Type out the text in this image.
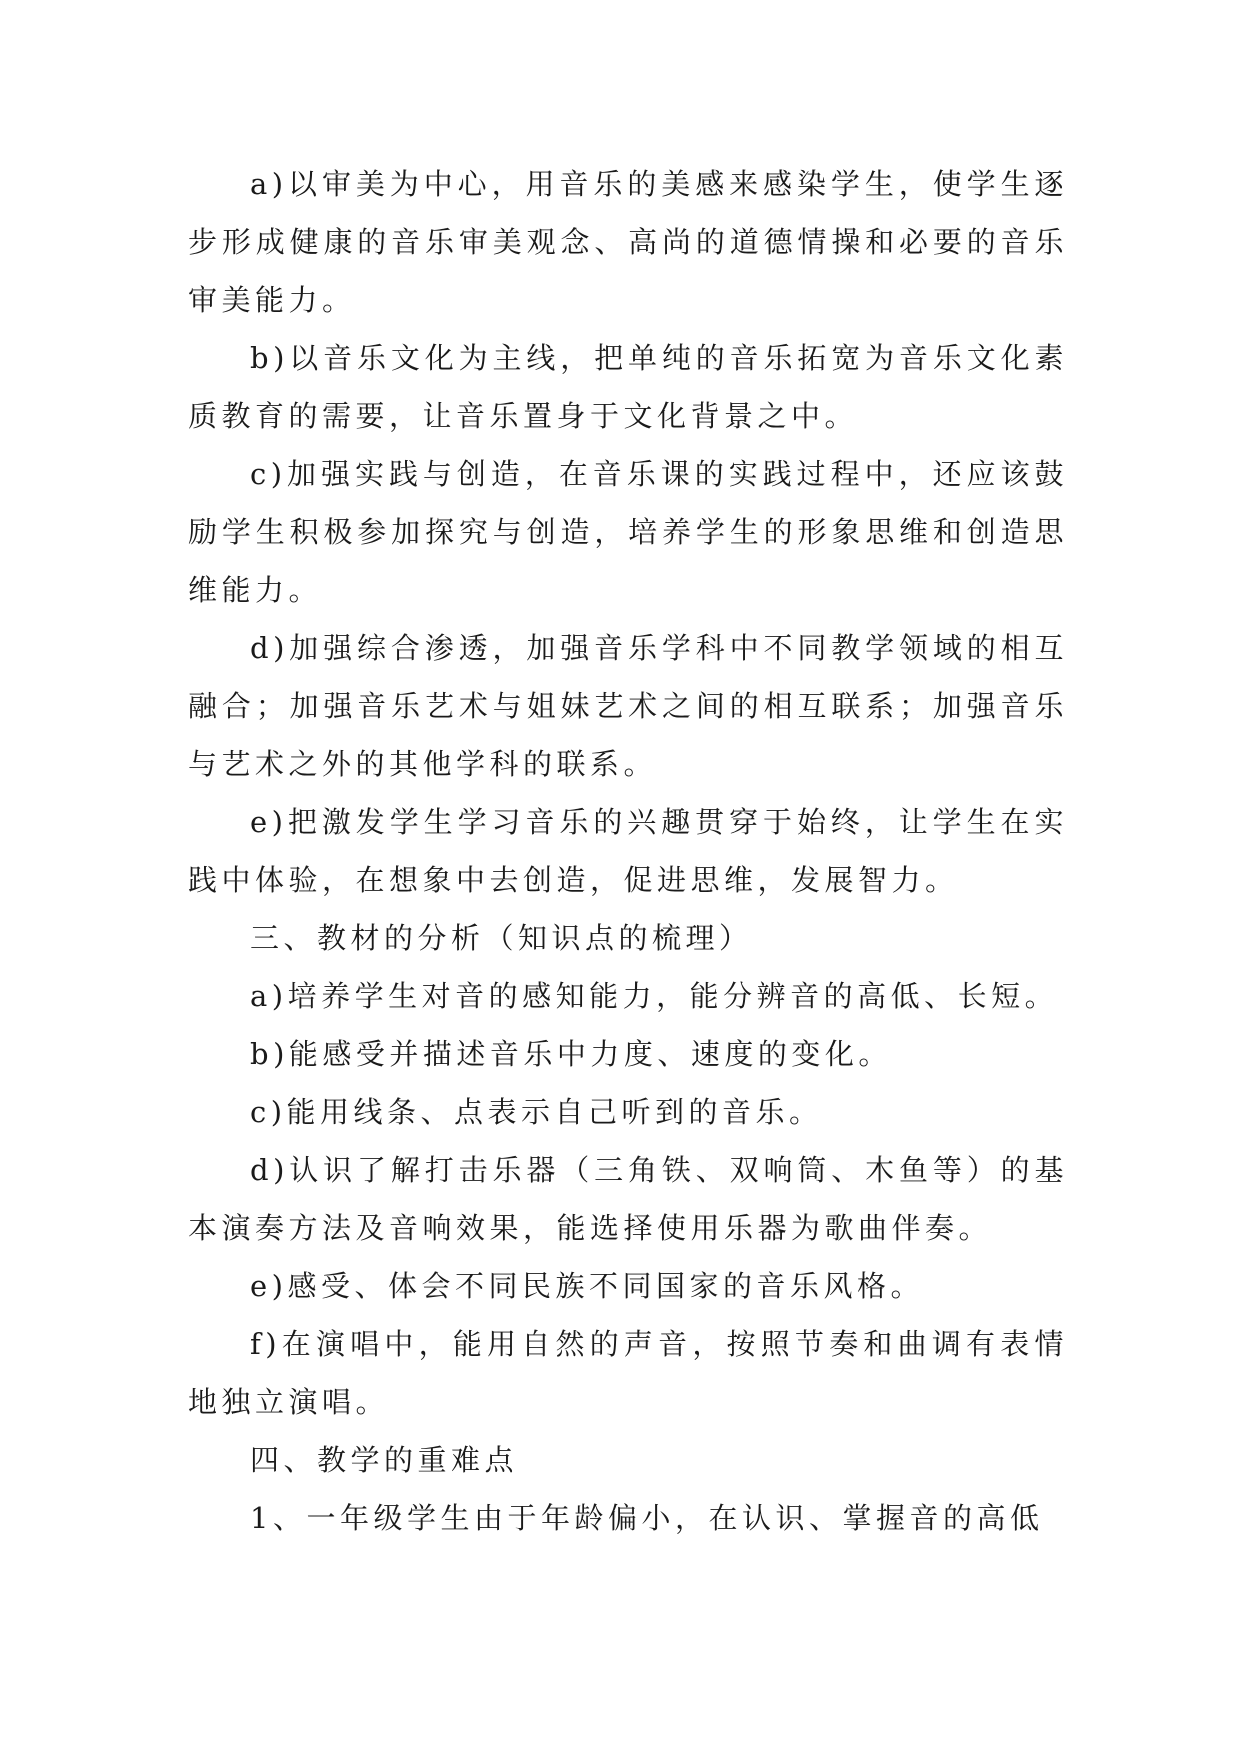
a)以审美为中心，用音乐的美感来感染学生，使学生逐步形成健康的音乐审美观念、高尚的道德情操和必要的音乐审美能力。

b)以音乐文化为主线，把单纯的音乐拓宽为音乐文化素质教育的需要，让音乐置身于文化背景之中。

c)加强实践与创造，在音乐课的实践过程中，还应该鼓励学生积极参加探究与创造，培养学生的形象思维和创造思维能力。

d)加强综合渗透，加强音乐学科中不同教学领域的相互融合；加强音乐艺术与姐妹艺术之间的相互联系；加强音乐与艺术之外的其他学科的联系。

e)把激发学生学习音乐的兴趣贯穿于始终，让学生在实践中体验，在想象中去创造，促进思维，发展智力。

三、教材的分析（知识点的梳理）

a)培养学生对音的感知能力，能分辨音的高低、长短。

b)能感受并描述音乐中力度、速度的变化。

c)能用线条、点表示自己听到的音乐。

d)认识了解打击乐器（三角铁、双响筒、木鱼等）的基本演奏方法及音响效果，能选择使用乐器为歌曲伴奏。

e)感受、体会不同民族不同国家的音乐风格。

f)在演唱中，能用自然的声音，按照节奏和曲调有表情地独立演唱。

四、教学的重难点

1、一年级学生由于年龄偏小，在认识、掌握音的高低
